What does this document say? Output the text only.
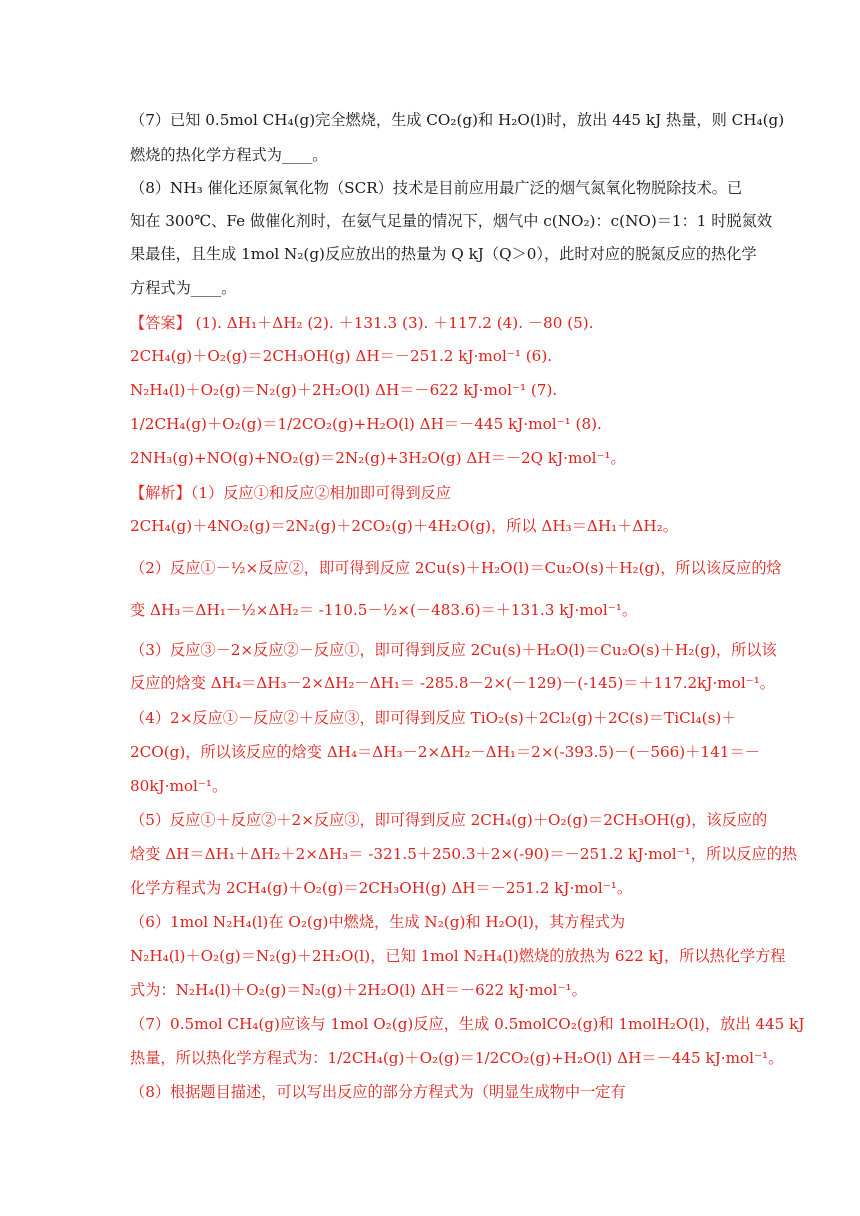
（7）已知 0.5mol CH₄(g)完全燃烧，生成 CO₂(g)和 H₂O(l)时，放出 445 kJ 热量，则 CH₄(g)
燃烧的热化学方程式为____。
（8）NH₃ 催化还原氮氧化物（SCR）技术是目前应用最广泛的烟气氮氧化物脱除技术。已
知在 300℃、Fe 做催化剂时，在氨气足量的情况下，烟气中 c(NO₂)：c(NO)＝1：1 时脱氮效
果最佳，且生成 1mol N₂(g)反应放出的热量为 Q kJ（Q＞0），此时对应的脱氮反应的热化学
方程式为____。
【答案】 (1). ΔH₁＋ΔH₂ (2). ＋131.3 (3). ＋117.2 (4). －80 (5).
2CH₄(g)＋O₂(g)＝2CH₃OH(g) ΔH＝－251.2 kJ·mol⁻¹ (6).
N₂H₄(l)＋O₂(g)＝N₂(g)＋2H₂O(l) ΔH＝－622 kJ·mol⁻¹ (7).
1/2CH₄(g)＋O₂(g)＝1/2CO₂(g)+H₂O(l) ΔH＝－445 kJ·mol⁻¹ (8).
2NH₃(g)+NO(g)+NO₂(g)＝2N₂(g)+3H₂O(g) ΔH＝－2Q kJ·mol⁻¹。
【解析】（1）反应①和反应②相加即可得到反应
2CH₄(g)＋4NO₂(g)＝2N₂(g)＋2CO₂(g)＋4H₂O(g)，所以 ΔH₃＝ΔH₁＋ΔH₂。
（2）反应①－½×反应②，即可得到反应 2Cu(s)＋H₂O(l)＝Cu₂O(s)＋H₂(g)，所以该反应的焓
变 ΔH₃＝ΔH₁－½×ΔH₂＝ -110.5－½×(－483.6)＝＋131.3 kJ·mol⁻¹。
（3）反应③－2×反应②－反应①，即可得到反应 2Cu(s)＋H₂O(l)＝Cu₂O(s)＋H₂(g)，所以该
反应的焓变 ΔH₄＝ΔH₃－2×ΔH₂－ΔH₁＝ -285.8－2×(－129)－(-145)＝＋117.2kJ·mol⁻¹。
（4）2×反应①－反应②＋反应③，即可得到反应 TiO₂(s)＋2Cl₂(g)＋2C(s)＝TiCl₄(s)＋
2CO(g)，所以该反应的焓变 ΔH₄＝ΔH₃－2×ΔH₂－ΔH₁＝2×(-393.5)－(－566)＋141＝－
80kJ·mol⁻¹。
（5）反应①＋反应②＋2×反应③，即可得到反应 2CH₄(g)＋O₂(g)＝2CH₃OH(g)，该反应的
焓变 ΔH＝ΔH₁＋ΔH₂＋2×ΔH₃＝ -321.5＋250.3＋2×(-90)＝－251.2 kJ·mol⁻¹，所以反应的热
化学方程式为 2CH₄(g)＋O₂(g)＝2CH₃OH(g) ΔH＝－251.2 kJ·mol⁻¹。
（6）1mol N₂H₄(l)在 O₂(g)中燃烧，生成 N₂(g)和 H₂O(l)，其方程式为
N₂H₄(l)＋O₂(g)＝N₂(g)＋2H₂O(l)，已知 1mol N₂H₄(l)燃烧的放热为 622 kJ，所以热化学方程
式为：N₂H₄(l)＋O₂(g)＝N₂(g)＋2H₂O(l) ΔH＝－622 kJ·mol⁻¹。
（7）0.5mol CH₄(g)应该与 1mol O₂(g)反应，生成 0.5molCO₂(g)和 1molH₂O(l)，放出 445 kJ
热量，所以热化学方程式为：1/2CH₄(g)＋O₂(g)＝1/2CO₂(g)+H₂O(l) ΔH＝－445 kJ·mol⁻¹。
（8）根据题目描述，可以写出反应的部分方程式为（明显生成物中一定有
